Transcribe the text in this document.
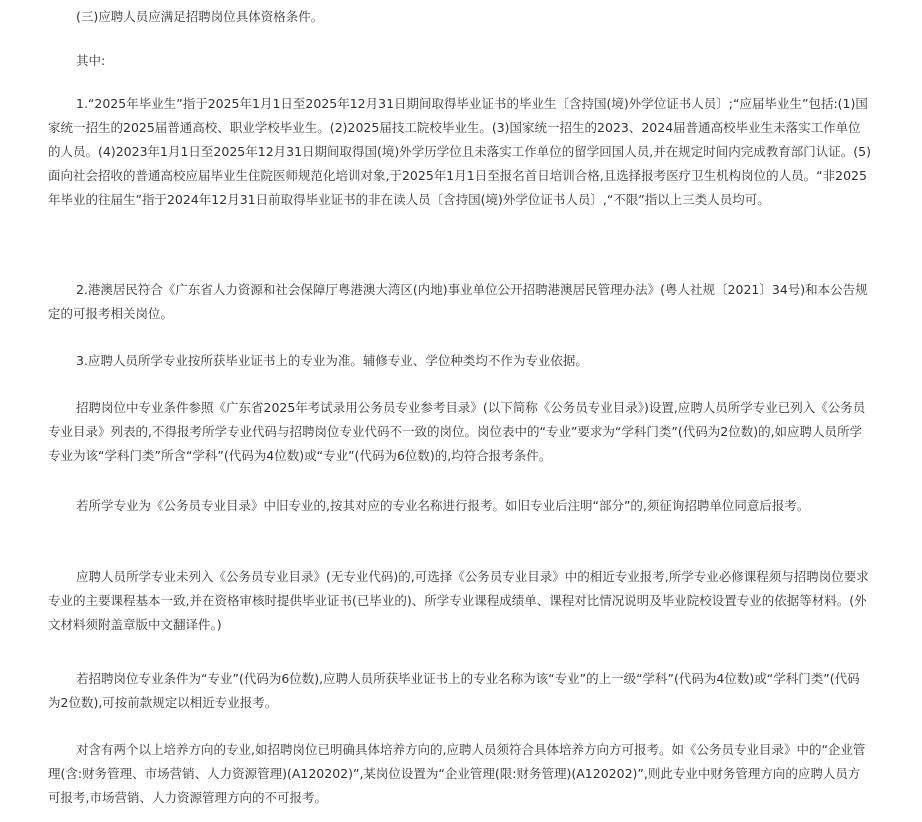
(三)应聘人员应满足招聘岗位具体资格条件。

其中:

1.“2025年毕业生”指于2025年1月1日至2025年12月31日期间取得毕业证书的毕业生〔含持国(境)外学位证书人员〕;“应届毕业生”包括:(1)国家统一招生的2025届普通高校、职业学校毕业生。(2)2025届技工院校毕业生。(3)国家统一招生的2023、2024届普通高校毕业生未落实工作单位的人员。(4)2023年1月1日至2025年12月31日期间取得国(境)外学历学位且未落实工作单位的留学回国人员,并在规定时间内完成教育部门认证。(5)面向社会招收的普通高校应届毕业生住院医师规范化培训对象,于2025年1月1日至报名首日培训合格,且选择报考医疗卫生机构岗位的人员。“非2025年毕业的往届生”指于2024年12月31日前取得毕业证书的非在读人员〔含持国(境)外学位证书人员〕,“不限”指以上三类人员均可。

2.港澳居民符合《广东省人力资源和社会保障厅粤港澳大湾区(内地)事业单位公开招聘港澳居民管理办法》(粤人社规〔2021〕34号)和本公告规定的可报考相关岗位。

3.应聘人员所学专业按所获毕业证书上的专业为准。辅修专业、学位种类均不作为专业依据。

招聘岗位中专业条件参照《广东省2025年考试录用公务员专业参考目录》(以下简称《公务员专业目录》)设置,应聘人员所学专业已列入《公务员专业目录》列表的,不得报考所学专业代码与招聘岗位专业代码不一致的岗位。岗位表中的“专业”要求为“学科门类”(代码为2位数)的,如应聘人员所学专业为该“学科门类”所含“学科”(代码为4位数)或“专业”(代码为6位数)的,均符合报考条件。

若所学专业为《公务员专业目录》中旧专业的,按其对应的专业名称进行报考。如旧专业后注明“部分”的,须征询招聘单位同意后报考。

应聘人员所学专业未列入《公务员专业目录》(无专业代码)的,可选择《公务员专业目录》中的相近专业报考,所学专业必修课程须与招聘岗位要求专业的主要课程基本一致,并在资格审核时提供毕业证书(已毕业的)、所学专业课程成绩单、课程对比情况说明及毕业院校设置专业的依据等材料。(外文材料须附盖章版中文翻译件。)

若招聘岗位专业条件为“专业”(代码为6位数),应聘人员所获毕业证书上的专业名称为该“专业”的上一级“学科”(代码为4位数)或“学科门类”(代码为2位数),可按前款规定以相近专业报考。

对含有两个以上培养方向的专业,如招聘岗位已明确具体培养方向的,应聘人员须符合具体培养方向方可报考。如《公务员专业目录》中的“企业管理(含:财务管理、市场营销、人力资源管理)(A120202)”,某岗位设置为“企业管理(限:财务管理)(A120202)”,则此专业中财务管理方向的应聘人员方可报考,市场营销、人力资源管理方向的不可报考。
